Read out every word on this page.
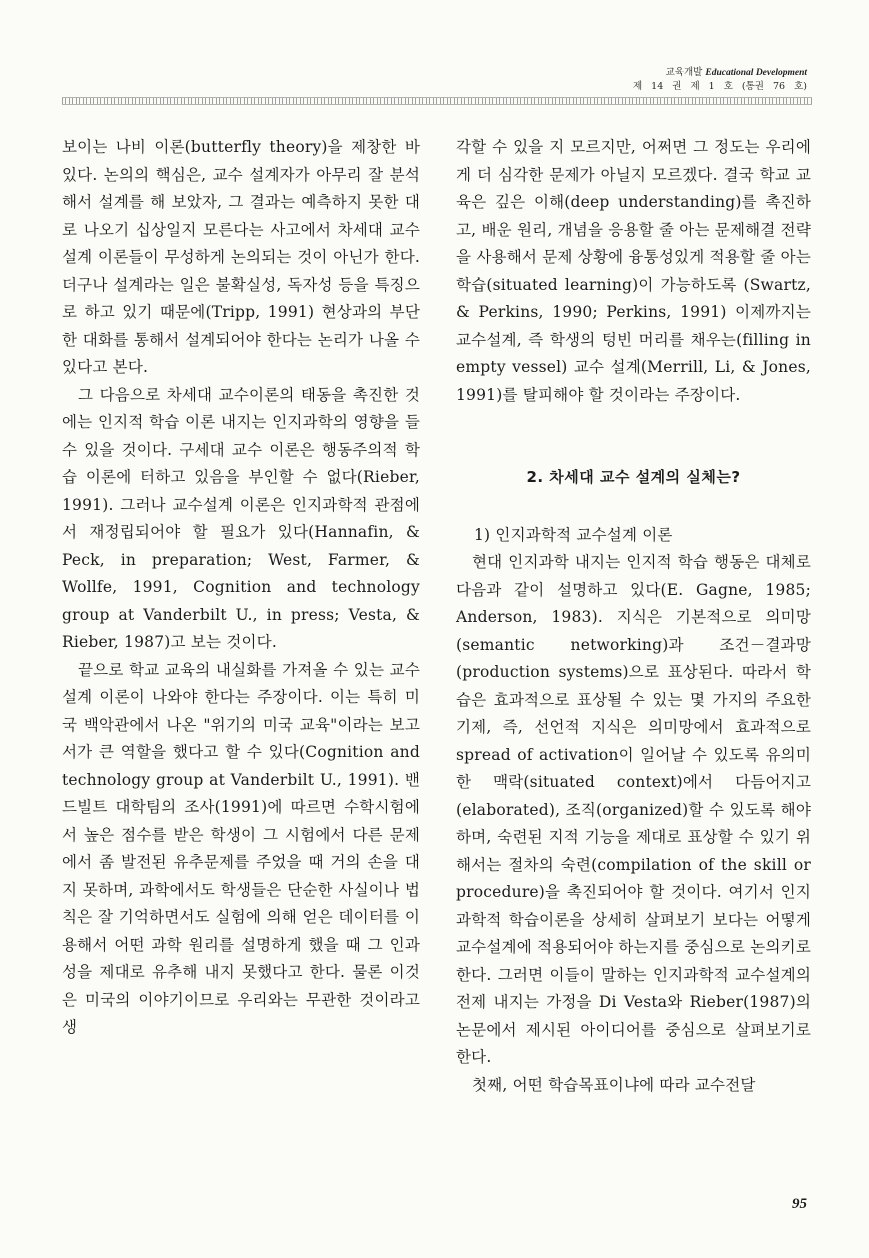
교육개발 Educational Development
제 14 권 제 1 호 (통권 76 호)

보이는 나비 이론(butterfly theory)을 제창한 바 있다. 논의의 핵심은, 교수 설계자가 아무리 잘 분석해서 설계를 해 보았자, 그 결과는 예측하지 못한 대로 나오기 십상일지 모른다는 사고에서 차세대 교수설계 이론들이 무성하게 논의되는 것이 아닌가 한다. 더구나 설계라는 일은 불확실성, 독자성 등을 특징으로 하고 있기 때문에(Tripp, 1991) 현상과의 부단한 대화를 통해서 설계되어야 한다는 논리가 나올 수 있다고 본다.

그 다음으로 차세대 교수이론의 태동을 촉진한 것에는 인지적 학습 이론 내지는 인지과학의 영향을 들 수 있을 것이다. 구세대 교수 이론은 행동주의적 학습 이론에 터하고 있음을 부인할 수 없다(Rieber, 1991). 그러나 교수설계 이론은 인지과학적 관점에서 재정립되어야 할 필요가 있다(Hannafin, & Peck, in preparation; West, Farmer, & Wollfe, 1991, Cognition and technology group at Vanderbilt U., in press; Vesta, & Rieber, 1987)고 보는 것이다.

끝으로 학교 교육의 내실화를 가져올 수 있는 교수설계 이론이 나와야 한다는 주장이다. 이는 특히 미국 백악관에서 나온 "위기의 미국 교육"이라는 보고서가 큰 역할을 했다고 할 수 있다(Cognition and technology group at Vanderbilt U., 1991). 밴드빌트 대학팀의 조사(1991)에 따르면 수학시험에서 높은 점수를 받은 학생이 그 시험에서 다른 문제에서 좀 발전된 유추문제를 주었을 때 거의 손을 대지 못하며, 과학에서도 학생들은 단순한 사실이나 법칙은 잘 기억하면서도 실험에 의해 얻은 데이터를 이용해서 어떤 과학 원리를 설명하게 했을 때 그 인과성을 제대로 유추해 내지 못했다고 한다. 물론 이것은 미국의 이야기이므로 우리와는 무관한 것이라고 생

각할 수 있을 지 모르지만, 어쩌면 그 정도는 우리에게 더 심각한 문제가 아닐지 모르겠다. 결국 학교 교육은 깊은 이해(deep understanding)를 촉진하고, 배운 원리, 개념을 응용할 줄 아는 문제해결 전략을 사용해서 문제 상황에 융통성있게 적용할 줄 아는 학습(situated learning)이 가능하도록 (Swartz, & Perkins, 1990; Perkins, 1991) 이제까지는 교수설계, 즉 학생의 텅빈 머리를 채우는(filling in empty vessel) 교수 설계(Merrill, Li, & Jones, 1991)를 탈피해야 할 것이라는 주장이다.

2. 차세대 교수 설계의 실체는?

1) 인지과학적 교수설계 이론

현대 인지과학 내지는 인지적 학습 행동은 대체로 다음과 같이 설명하고 있다(E. Gagne, 1985; Anderson, 1983). 지식은 기본적으로 의미망(semantic networking)과 조건－결과망(production systems)으로 표상된다. 따라서 학습은 효과적으로 표상될 수 있는 몇 가지의 주요한 기제, 즉, 선언적 지식은 의미망에서 효과적으로 spread of activation이 일어날 수 있도록 유의미한 맥락(situated context)에서 다듬어지고(elaborated), 조직(organized)할 수 있도록 해야 하며, 숙련된 지적 기능을 제대로 표상할 수 있기 위해서는 절차의 숙련(compilation of the skill or procedure)을 촉진되어야 할 것이다. 여기서 인지과학적 학습이론을 상세히 살펴보기 보다는 어떻게 교수설계에 적용되어야 하는지를 중심으로 논의키로 한다. 그러면 이들이 말하는 인지과학적 교수설계의 전제 내지는 가정을 Di Vesta와 Rieber(1987)의 논문에서 제시된 아이디어를 중심으로 살펴보기로 한다.

첫째, 어떤 학습목표이냐에 따라 교수전달

95
